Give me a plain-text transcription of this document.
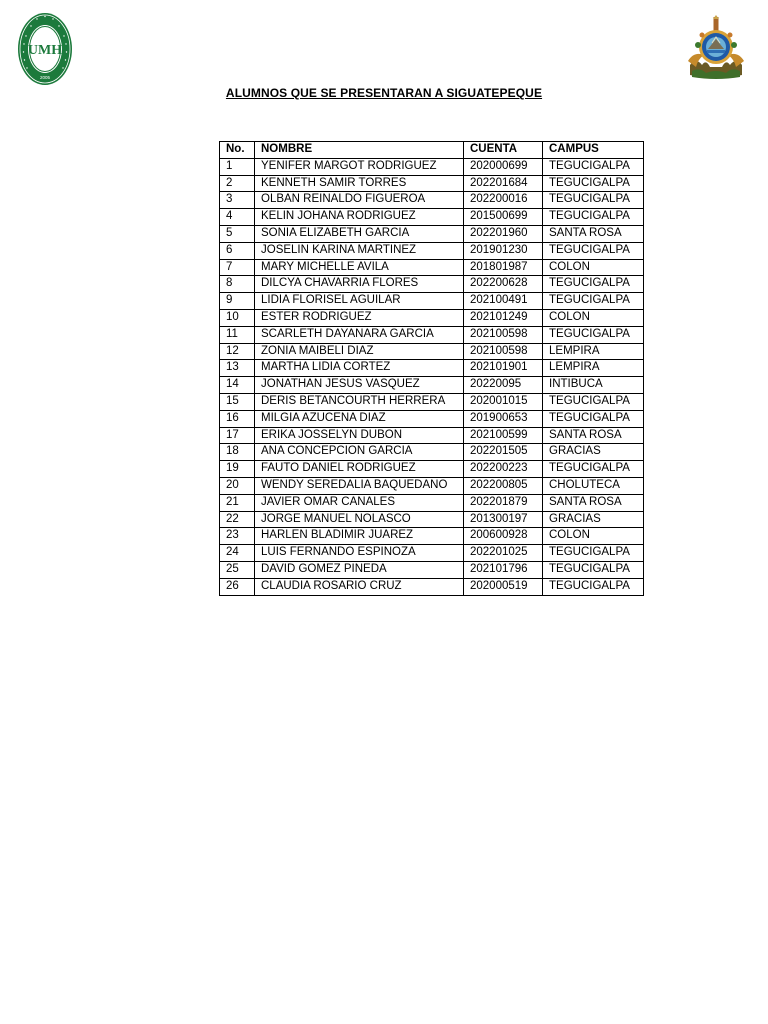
UMH
2005
ALUMNOS QUE SE PRESENTARAN A SIGUATEPEQUE
No.	NOMBRE	CUENTA	CAMPUS
1	YENIFER MARGOT RODRIGUEZ	202000699	TEGUCIGALPA
2	KENNETH SAMIR TORRES	202201684	TEGUCIGALPA
3	OLBAN REINALDO FIGUEROA	202200016	TEGUCIGALPA
4	KELIN JOHANA RODRIGUEZ	201500699	TEGUCIGALPA
5	SONIA ELIZABETH GARCIA	202201960	SANTA ROSA
6	JOSELIN KARINA MARTINEZ	201901230	TEGUCIGALPA
7	MARY MICHELLE AVILA	201801987	COLON
8	DILCYA CHAVARRIA FLORES	202200628	TEGUCIGALPA
9	LIDIA FLORISEL AGUILAR	202100491	TEGUCIGALPA
10	ESTER RODRIGUEZ	202101249	COLON
11	SCARLETH DAYANARA GARCIA	202100598	TEGUCIGALPA
12	ZONIA MAIBELI DIAZ	202100598	LEMPIRA
13	MARTHA LIDIA CORTEZ	202101901	LEMPIRA
14	JONATHAN JESUS VASQUEZ	20220095	INTIBUCA
15	DERIS BETANCOURTH HERRERA	202001015	TEGUCIGALPA
16	MILGIA AZUCENA DIAZ	201900653	TEGUCIGALPA
17	ERIKA JOSSELYN DUBON	202100599	SANTA ROSA
18	ANA CONCEPCION GARCIA	202201505	GRACIAS
19	FAUTO DANIEL RODRIGUEZ	202200223	TEGUCIGALPA
20	WENDY SEREDALIA BAQUEDANO	202200805	CHOLUTECA
21	JAVIER OMAR CANALES	202201879	SANTA ROSA
22	JORGE MANUEL NOLASCO	201300197	GRACIAS
23	HARLEN BLADIMIR JUAREZ	200600928	COLON
24	LUIS FERNANDO ESPINOZA	202201025	TEGUCIGALPA
25	DAVID GOMEZ PINEDA	202101796	TEGUCIGALPA
26	CLAUDIA ROSARIO CRUZ	202000519	TEGUCIGALPA
